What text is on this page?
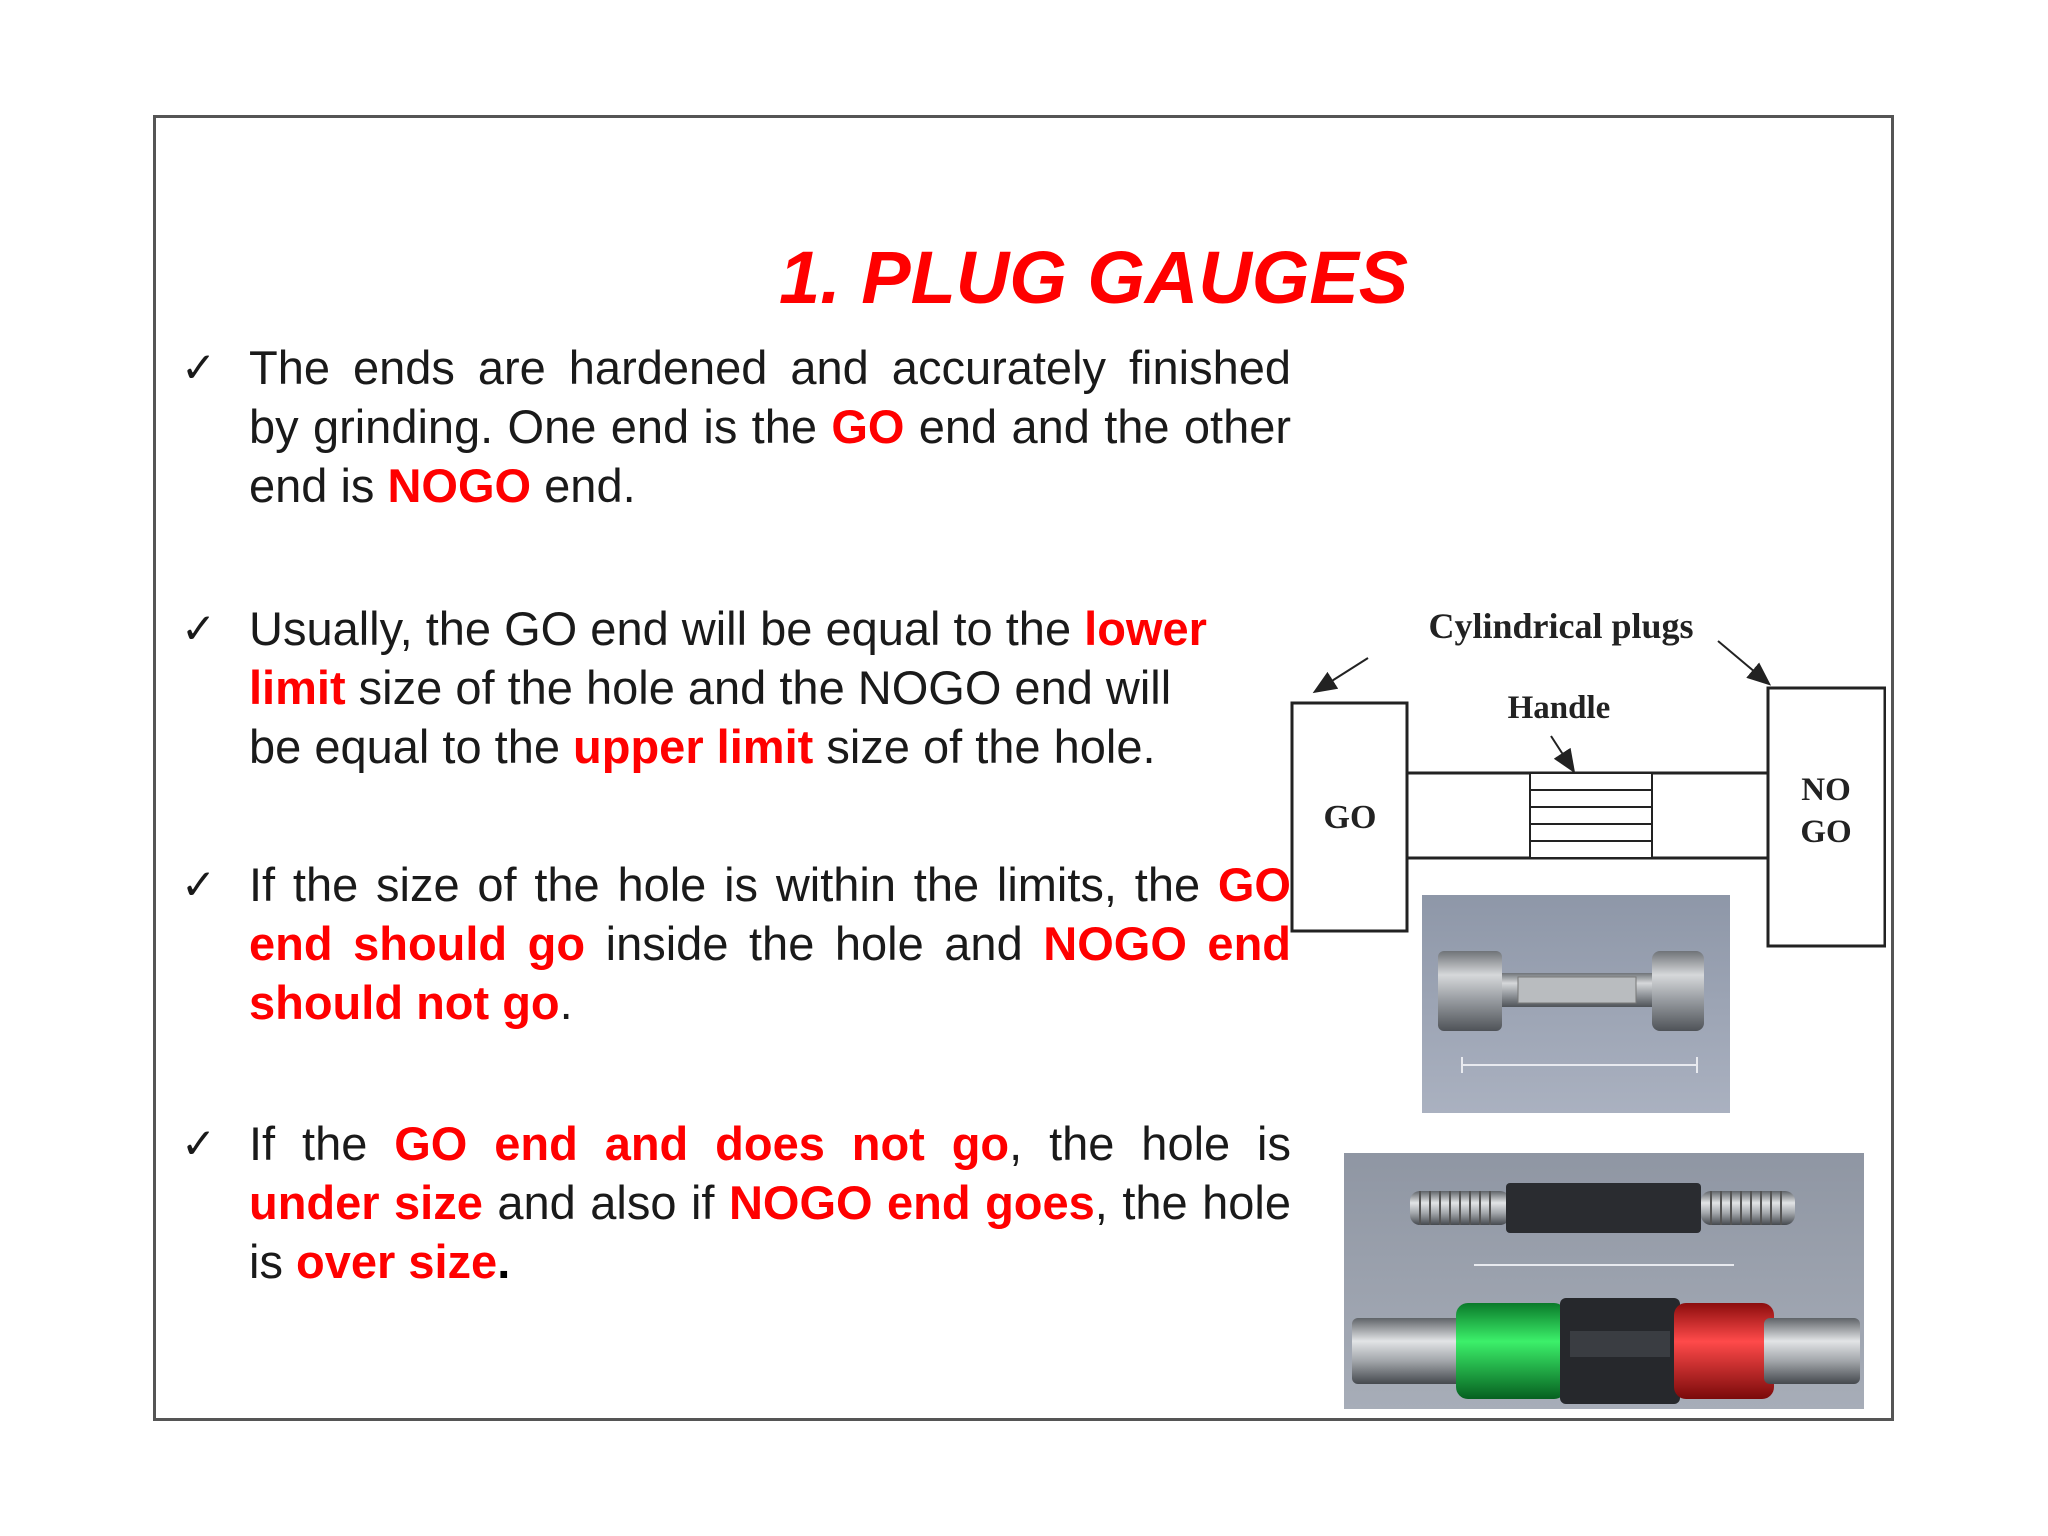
1. PLUG GAUGES
✓ The ends are hardened and accurately finished by grinding. One end is the GO end and the other end is NOGO end.
✓ Usually, the GO end will be equal to the lower
limit size of the hole and the NOGO end will
be equal to the upper limit size of the hole.
✓ If the size of the hole is within the limits, the GO end should go inside the hole and NOGO end should not go.
✓ If the GO end and does not go, the hole is under size and also if NOGO end goes, the hole is over size.
Cylindrical plugs
Handle
GO
NO
GO
